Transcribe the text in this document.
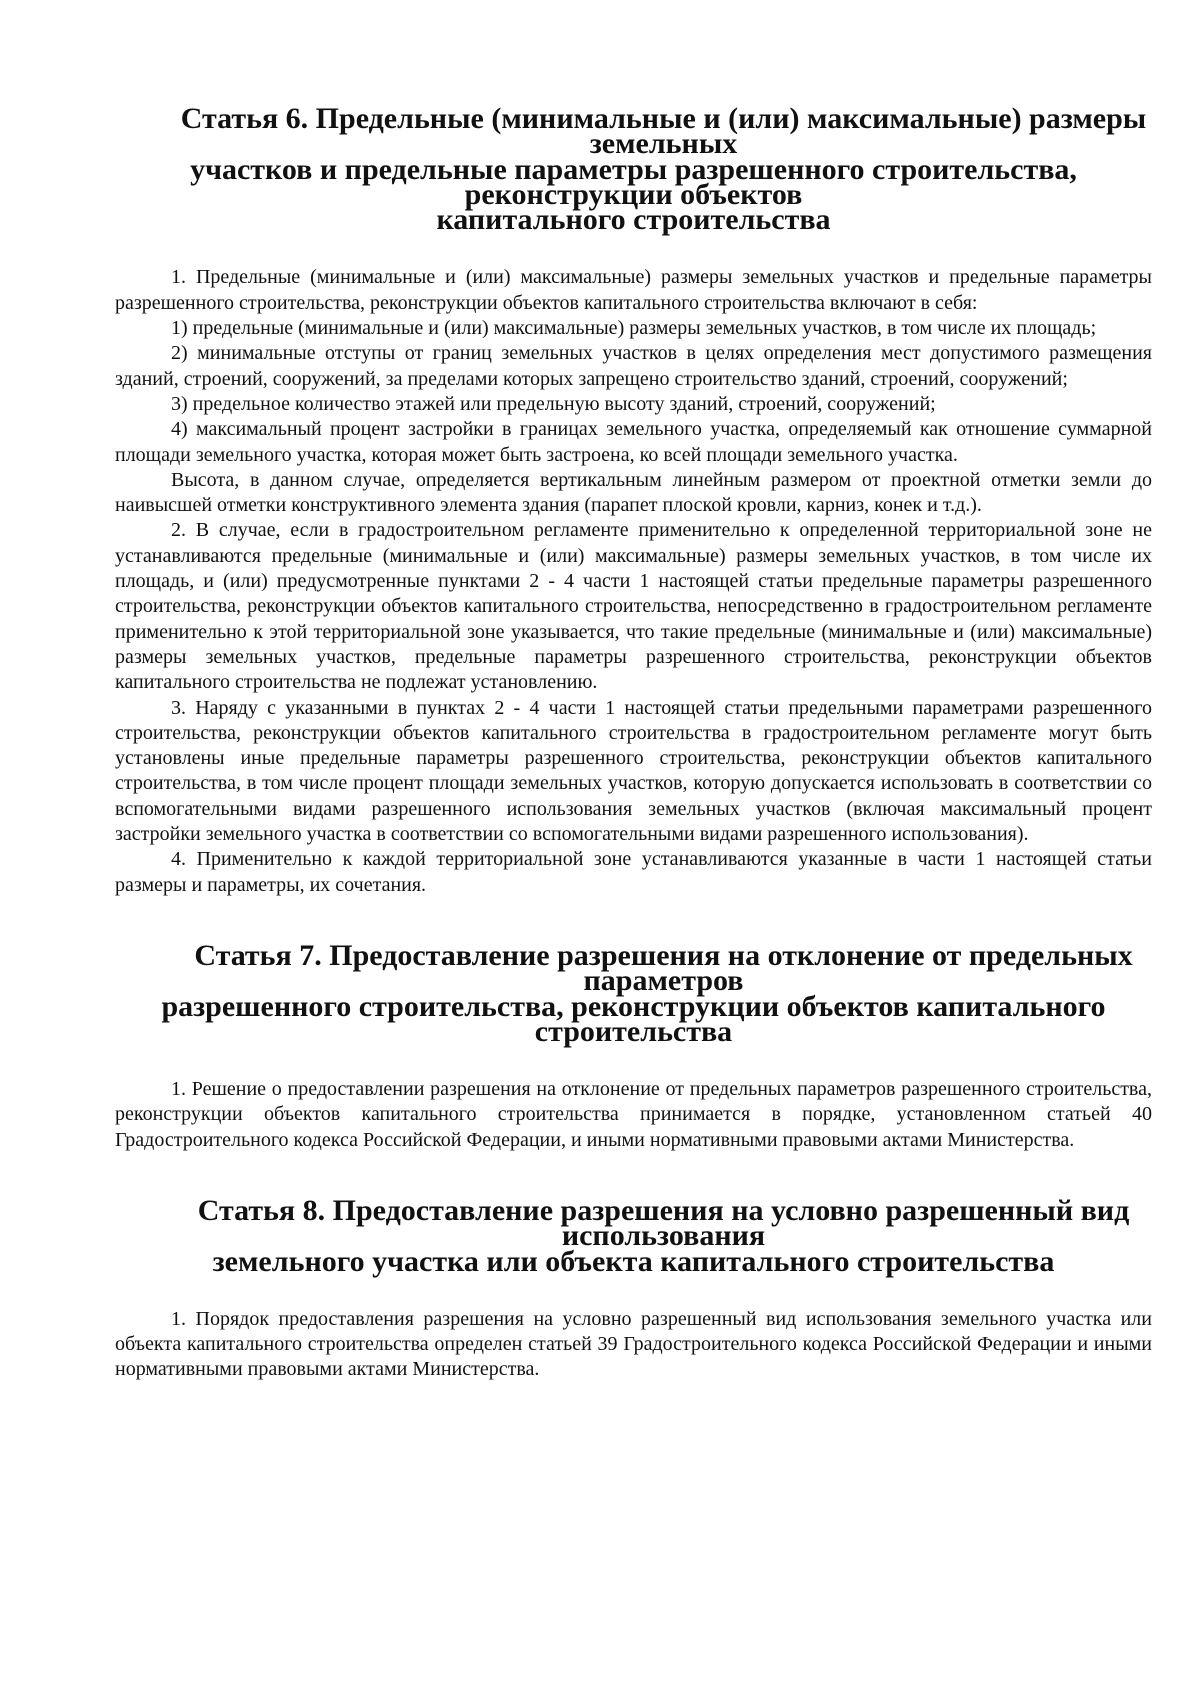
Статья 6. Предельные (минимальные и (или) максимальные) размеры земельных
участков и предельные параметры разрешенного строительства, реконструкции объектов
капитального строительства

1. Предельные (минимальные и (или) максимальные) размеры земельных участков и предельные параметры разрешенного строительства, реконструкции объектов капитального строительства включают в себя:

1) предельные (минимальные и (или) максимальные) размеры земельных участков, в том числе их площадь;

2) минимальные отступы от границ земельных участков в целях определения мест допустимого размещения зданий, строений, сооружений, за пределами которых запрещено строительство зданий, строений, сооружений;

3) предельное количество этажей или предельную высоту зданий, строений, сооружений;

4) максимальный процент застройки в границах земельного участка, определяемый как отношение суммарной площади земельного участка, которая может быть застроена, ко всей площади земельного участка.

Высота, в данном случае, определяется вертикальным линейным размером от проектной отметки земли до наивысшей отметки конструктивного элемента здания (парапет плоской кровли, карниз, конек и т.д.).

2. В случае, если в градостроительном регламенте применительно к определенной территориальной зоне не устанавливаются предельные (минимальные и (или) максимальные) размеры земельных участков, в том числе их площадь, и (или) предусмотренные пунктами 2 - 4 части 1 настоящей статьи предельные параметры разрешенного строительства, реконструкции объектов капитального строительства, непосредственно в градостроительном регламенте применительно к этой территориальной зоне указывается, что такие предельные (минимальные и (или) максимальные) размеры земельных участков, предельные параметры разрешенного строительства, реконструкции объектов капитального строительства не подлежат установлению.

3. Наряду с указанными в пунктах 2 - 4 части 1 настоящей статьи предельными параметрами разрешенного строительства, реконструкции объектов капитального строительства в градостроительном регламенте могут быть установлены иные предельные параметры разрешенного строительства, реконструкции объектов капитального строительства, в том числе процент площади земельных участков, которую допускается использовать в соответствии со вспомогательными видами разрешенного использования земельных участков (включая максимальный процент застройки земельного участка в соответствии со вспомогательными видами разрешенного использования).

4. Применительно к каждой территориальной зоне устанавливаются указанные в части 1 настоящей статьи размеры и параметры, их сочетания.

Статья 7. Предоставление разрешения на отклонение от предельных параметров
разрешенного строительства, реконструкции объектов капитального строительства

1. Решение о предоставлении разрешения на отклонение от предельных параметров разрешенного строительства, реконструкции объектов капитального строительства принимается в порядке, установленном статьей 40 Градостроительного кодекса Российской Федерации, и иными нормативными правовыми актами Министерства.

Статья 8. Предоставление разрешения на условно разрешенный вид использования
земельного участка или объекта капитального строительства

1. Порядок предоставления разрешения на условно разрешенный вид использования земельного участка или объекта капитального строительства определен статьей 39 Градостроительного кодекса Российской Федерации и иными нормативными правовыми актами Министерства.
